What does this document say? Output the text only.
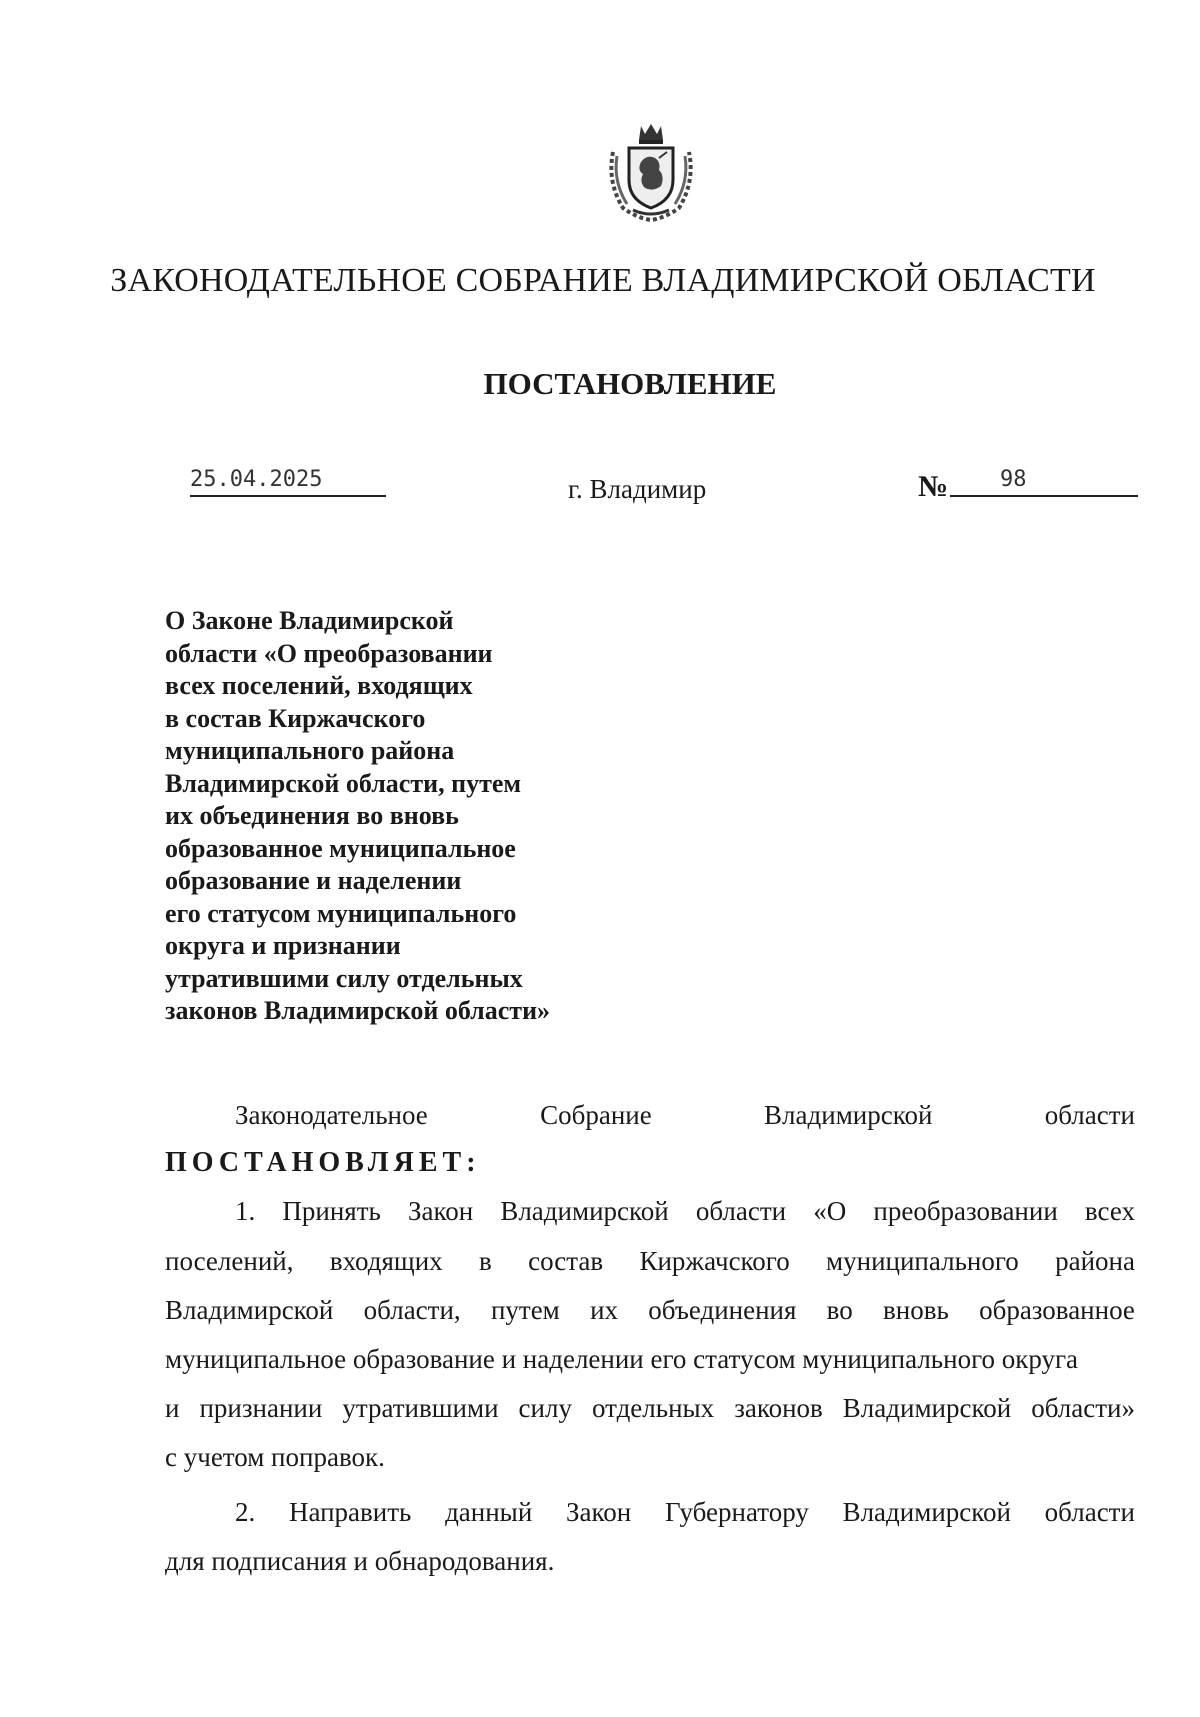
ЗАКОНОДАТЕЛЬНОЕ СОБРАНИЕ ВЛАДИМИРСКОЙ ОБЛАСТИ
ПОСТАНОВЛЕНИЕ
25.04.2025	г. Владимир	№	98
О Законе Владимирской
области «О преобразовании
всех поселений, входящих
в состав Киржачского
муниципального района
Владимирской области, путем
их объединения во вновь
образованное муниципальное
образование и наделении
его статусом муниципального
округа и признании
утратившими силу отдельных
законов Владимирской области»
Законодательное	Собрание	Владимирской	области
ПОСТАНОВЛЯЕТ:
1. Принять Закон Владимирской области «О преобразовании всех
поселений, входящих в состав Киржачского муниципального района
Владимирской области, путем их объединения во вновь образованное
муниципальное образование и наделении его статусом муниципального округа
и признании утратившими силу отдельных законов Владимирской области»
с учетом поправок.
2. Направить данный Закон Губернатору Владимирской области
для подписания и обнародования.
